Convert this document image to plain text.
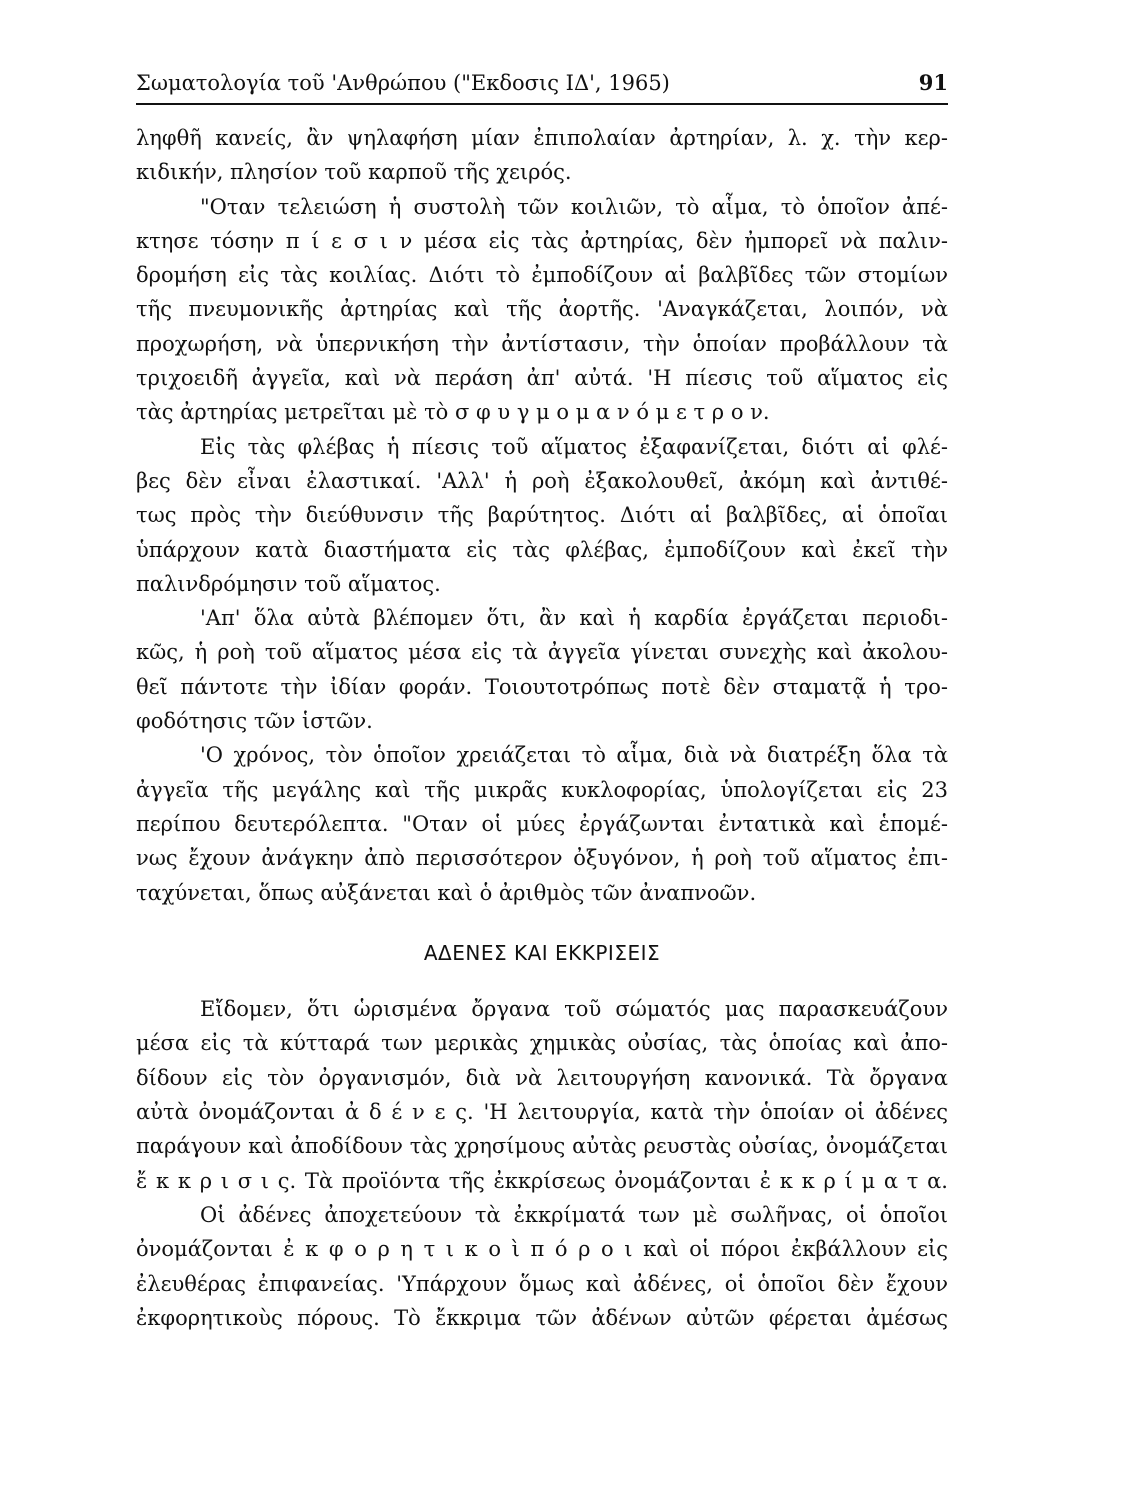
Σωματολογία τοῦ 'Ανθρώπου ("Εκδοσις ΙΔ', 1965)	91
ληφθῆ κανείς, ἂν ψηλαφήση μίαν ἐπιπολαίαν ἀρτηρίαν, λ. χ. τὴν κερ-
κιδικήν, πλησίον τοῦ καρποῦ τῆς χειρός.
"Οταν τελειώση ἡ συστολὴ τῶν κοιλιῶν, τὸ αἷμα, τὸ ὁποῖον ἀπέ-
κτησε τόσην π ί ε σ ι ν μέσα εἰς τὰς ἀρτηρίας, δὲν ἠμπορεῖ νὰ παλιν-
δρομήση εἰς τὰς κοιλίας. Διότι τὸ ἐμποδίζουν αἱ βαλβῖδες τῶν στομίων
τῆς πνευμονικῆς ἀρτηρίας καὶ τῆς ἀορτῆς. 'Αναγκάζεται, λοιπόν, νὰ
προχωρήση, νὰ ὑπερνικήση τὴν ἀντίστασιν, τὴν ὁποίαν προβάλλουν τὰ
τριχοειδῆ ἀγγεῖα, καὶ νὰ περάση ἀπ' αὐτά. 'Η πίεσις τοῦ αἵματος εἰς
τὰς ἀρτηρίας μετρεῖται μὲ τὸ σ φ υ γ μ ο μ α ν ό μ ε τ ρ ο ν.
Εἰς τὰς φλέβας ἡ πίεσις τοῦ αἵματος ἐξαφανίζεται, διότι αἱ φλέ-
βες δὲν εἶναι ἐλαστικαί. 'Αλλ' ἡ ροὴ ἐξακολουθεῖ, ἀκόμη καὶ ἀντιθέ-
τως πρὸς τὴν διεύθυνσιν τῆς βαρύτητος. Διότι αἱ βαλβῖδες, αἱ ὁποῖαι
ὑπάρχουν κατὰ διαστήματα εἰς τὰς φλέβας, ἐμποδίζουν καὶ ἐκεῖ τὴν
παλινδρόμησιν τοῦ αἵματος.
'Απ' ὅλα αὐτὰ βλέπομεν ὅτι, ἂν καὶ ἡ καρδία ἐργάζεται περιοδι-
κῶς, ἡ ροὴ τοῦ αἵματος μέσα εἰς τὰ ἀγγεῖα γίνεται συνεχὴς καὶ ἀκολου-
θεῖ πάντοτε τὴν ἰδίαν φοράν. Τοιουτοτρόπως ποτὲ δὲν σταματᾷ ἡ τρο-
φοδότησις τῶν ἱστῶν.
'Ο χρόνος, τὸν ὁποῖον χρειάζεται τὸ αἷμα, διὰ νὰ διατρέξη ὅλα τὰ
ἀγγεῖα τῆς μεγάλης καὶ τῆς μικρᾶς κυκλοφορίας, ὑπολογίζεται εἰς 23
περίπου δευτερόλεπτα. "Οταν οἱ μύες ἐργάζωνται ἐντατικὰ καὶ ἑπομέ-
νως ἔχουν ἀνάγκην ἀπὸ περισσότερον ὀξυγόνον, ἡ ροὴ τοῦ αἵματος ἐπι-
ταχύνεται, ὅπως αὐξάνεται καὶ ὁ ἀριθμὸς τῶν ἀναπνοῶν.
ΑΔΕΝΕΣ ΚΑΙ ΕΚΚΡΙΣΕΙΣ
Εἴδομεν, ὅτι ὡρισμένα ὄργανα τοῦ σώματός μας παρασκευάζουν
μέσα εἰς τὰ κύτταρά των μερικὰς χημικὰς οὐσίας, τὰς ὁποίας καὶ ἀπο-
δίδουν εἰς τὸν ὀργανισμόν, διὰ νὰ λειτουργήση κανονικά. Τὰ ὄργανα
αὐτὰ ὀνομάζονται ἀ δ έ ν ε ς. 'Η λειτουργία, κατὰ τὴν ὁποίαν οἱ ἀδένες
παράγουν καὶ ἀποδίδουν τὰς χρησίμους αὐτὰς ρευστὰς οὐσίας, ὀνομάζεται
ἔ κ κ ρ ι σ ι ς. Τὰ προϊόντα τῆς ἐκκρίσεως ὀνομάζονται ἐ κ κ ρ ί μ α τ α.
Οἱ ἀδένες ἀποχετεύουν τὰ ἐκκρίματά των μὲ σωλῆνας, οἱ ὁποῖοι
ὀνομάζονται ἐ κ φ ο ρ η τ ι κ ο ὶ π ό ρ ο ι καὶ οἱ πόροι ἐκβάλλουν εἰς
ἐλευθέρας ἐπιφανείας. 'Υπάρχουν ὅμως καὶ ἀδένες, οἱ ὁποῖοι δὲν ἔχουν
ἐκφορητικοὺς πόρους. Τὸ ἔκκριμα τῶν ἀδένων αὐτῶν φέρεται ἀμέσως
